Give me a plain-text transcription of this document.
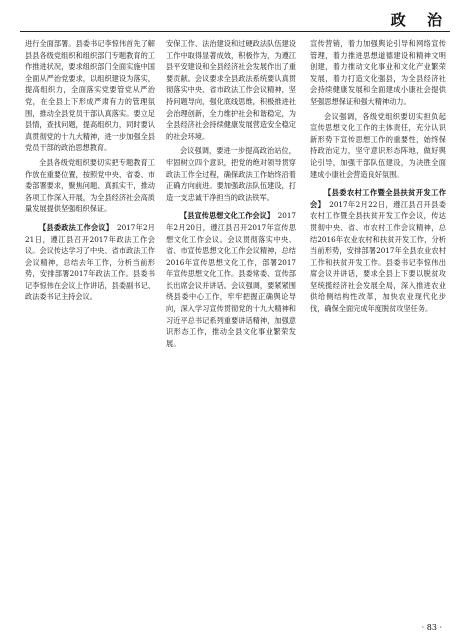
政 治

进行全面部署。县委书记李惊伟首先了解县县各级党组织和组织部门专题教育的工作推进状况，要求组织部门全面实施中国全面从严治党要求，以组织建设为落实，提高组织力，全面落实党要管党从严治党，在全县上下形成严肃有力的管理氛围，推动全县党员干部认真落实。要立足县情，查找问题，提高组织力，同时要认真贯彻党的十九大精神，进一步加强全县党员干部的政治思想教育。

全县各级党组织要切实把专题教育工作放在重要位置，按照党中央、省委、市委部署要求，聚焦问题、真抓实干，推动各项工作深入开展，为全县经济社会高质量发展提供坚强组织保证。

【县委政法工作会议】　 2017年2月21日，遵江县召开2017年政法工作会议。会议传达学习了中央、省市政法工作会议精神，总结去年工作，分析当前形势，安排部署2017年政法工作。县委书记李惊伟在会议上作讲话，县委副书记、政法委书记主持会议。

安保工作、法治建设和过硬政法队伍建设工作中取得显著成效，积极作为，为遵江县平安建设和全县经济社会发展作出了重要贡献。会议要求全县政法系统要认真贯彻落实中央、省市政法工作会议精神，坚持问题导向，强化底线思维，积极推进社会治理创新，全力维护社会和谐稳定，为全县经济社会持续健康发展营造安全稳定的社会环境。

会议强调，要进一步提高政治站位，牢固树立四个意识，把党的绝对领导贯穿政法工作全过程，确保政法工作始终沿着正确方向前进。要加强政法队伍建设，打造一支忠诚干净担当的政法铁军。

【县宣传思想文化工作会议】　 2017年2月20日，遵江县召开2017年宣传思想文化工作会议。会议贯彻落实中央、省、市宣传思想文化工作会议精神，总结2016年宣传思想文化工作，部署2017年宣传思想文化工作。县委常委、宣传部长出席会议并讲话。会议强调，要紧紧围绕县委中心工作，牢牢把握正确舆论导向，深入学习宣传贯彻党的十九大精神和习近平总书记系列重要讲话精神，加强意识形态工作，推动全县文化事业繁荣发展。

宣传营销，着力加强舆论引导和网络宣传管理，着力推进思想道德建设和精神文明创建，着力推动文化事业和文化产业繁荣发展，着力打造文化强县，为全县经济社会持续健康发展和全面建成小康社会提供坚强思想保证和强大精神动力。

会议强调，各级党组织要切实担负起宣传思想文化工作的主体责任，充分认识新形势下宣传思想工作的重要性，始终保持政治定力，坚守意识形态阵地，做好舆论引导，加强干部队伍建设，为决胜全面建成小康社会营造良好氛围。

【县委农村工作暨全县扶贫开发工作会】　 2017年2月22日，遵江县召开县委农村工作暨全县扶贫开发工作会议，传达贯彻中央、省、市农村工作会议精神，总结2016年农业农村和扶贫开发工作，分析当前形势，安排部署2017年全县农业农村工作和扶贫开发工作。县委书记李惊伟出席会议并讲话，要求全县上下要以脱贫攻坚统揽经济社会发展全局，深入推进农业供给侧结构性改革，加快农业现代化步伐，确保全面完成年度脱贫攻坚任务。

· 83 ·
